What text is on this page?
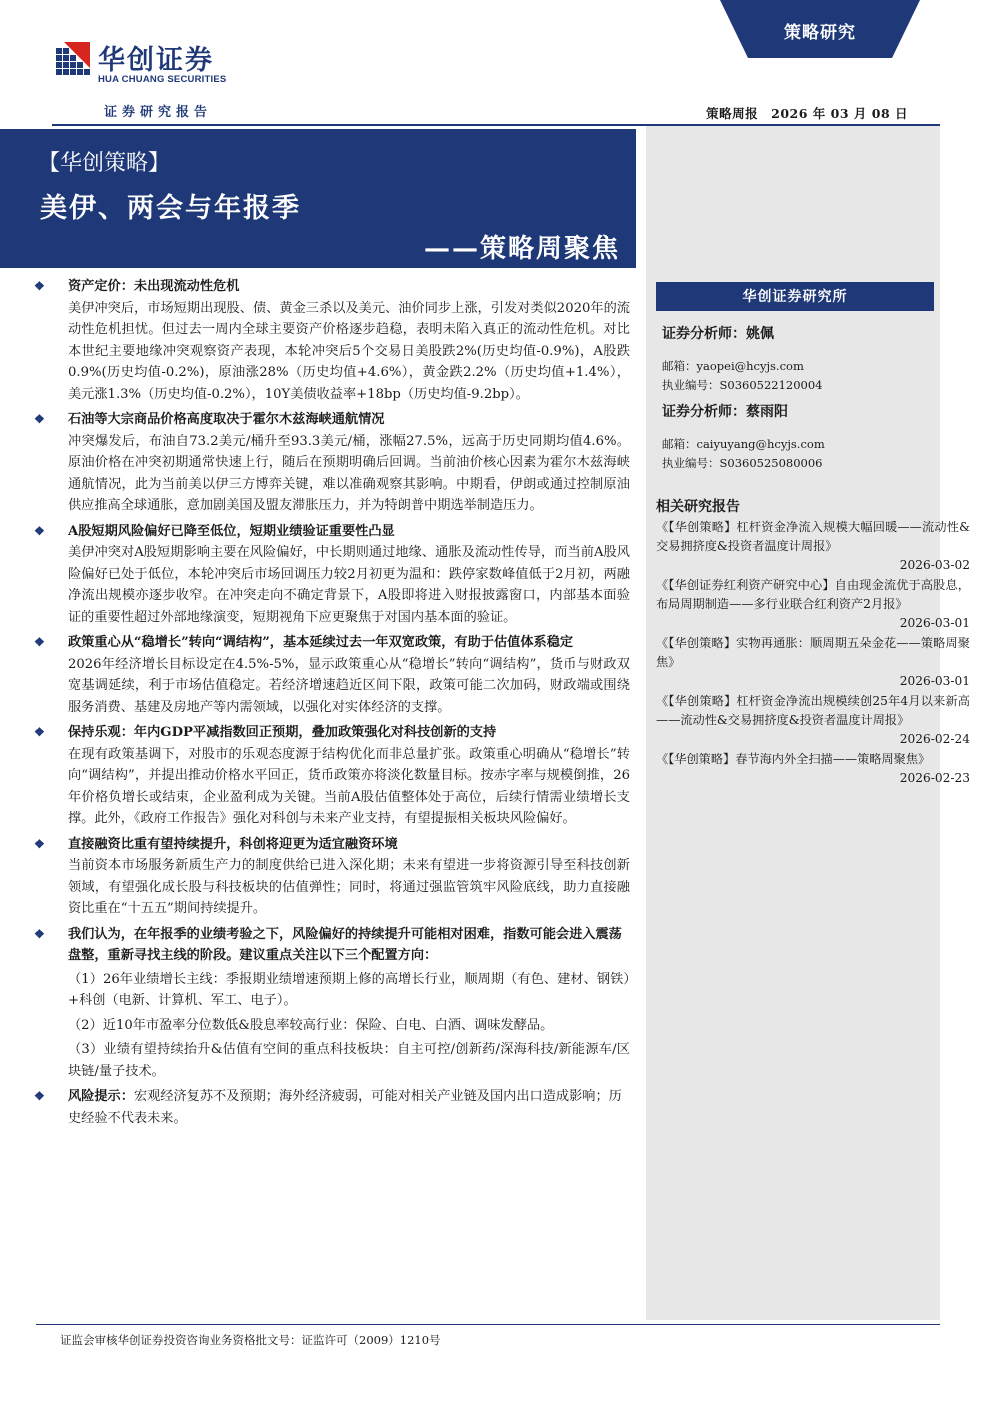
华创证券
HUA CHUANG SECURITIES
证券研究报告
策略研究
策略周报　2026 年 03 月 08 日
【华创策略】
美伊、两会与年报季
——策略周聚焦
❖	资产定价：未出现流动性危机
美伊冲突后，市场短期出现股、债、黄金三杀以及美元、油价同步上涨，引发对类似2020年的流动性危机担忧。但过去一周内全球主要资产价格逐步趋稳，表明未陷入真正的流动性危机。对比本世纪主要地缘冲突观察资产表现，本轮冲突后5个交易日美股跌2%(历史均值-0.9%)，A股跌0.9%(历史均值-0.2%)，原油涨28%（历史均值+4.6%），黄金跌2.2%（历史均值+1.4%），美元涨1.3%（历史均值-0.2%），10Y美债收益率+18bp（历史均值-9.2bp）。
❖	石油等大宗商品价格高度取决于霍尔木兹海峡通航情况
冲突爆发后，布油自73.2美元/桶升至93.3美元/桶，涨幅27.5%，远高于历史同期均值4.6%。原油价格在冲突初期通常快速上行，随后在预期明确后回调。当前油价核心因素为霍尔木兹海峡通航情况，此为当前美以伊三方博弈关键，难以准确观察其影响。中期看，伊朗或通过控制原油供应推高全球通胀，意加剧美国及盟友滞胀压力，并为特朗普中期选举制造压力。
❖	A股短期风险偏好已降至低位，短期业绩验证重要性凸显
美伊冲突对A股短期影响主要在风险偏好，中长期则通过地缘、通胀及流动性传导，而当前A股风险偏好已处于低位，本轮冲突后市场回调压力较2月初更为温和：跌停家数峰值低于2月初，两融净流出规模亦逐步收窄。在冲突走向不确定背景下，A股即将进入财报披露窗口，内部基本面验证的重要性超过外部地缘演变，短期视角下应更聚焦于对国内基本面的验证。
❖	政策重心从“稳增长”转向“调结构”，基本延续过去一年双宽政策，有助于估值体系稳定
2026年经济增长目标设定在4.5%-5%，显示政策重心从“稳增长”转向“调结构”，货币与财政双宽基调延续，利于市场估值稳定。若经济增速趋近区间下限，政策可能二次加码，财政端或围绕服务消费、基建及房地产等内需领域，以强化对实体经济的支撑。
❖	保持乐观：年内GDP平减指数回正预期，叠加政策强化对科技创新的支持
在现有政策基调下，对股市的乐观态度源于结构优化而非总量扩张。政策重心明确从“稳增长”转向“调结构”，并提出推动价格水平回正，货币政策亦将淡化数量目标。按赤字率与规模倒推，26年价格负增长或结束，企业盈利成为关键。当前A股估值整体处于高位，后续行情需业绩增长支撑。此外，《政府工作报告》强化对科创与未来产业支持，有望提振相关板块风险偏好。
❖	直接融资比重有望持续提升，科创将迎更为适宜融资环境
当前资本市场服务新质生产力的制度供给已进入深化期；未来有望进一步将资源引导至科技创新领域，有望强化成长股与科技板块的估值弹性；同时，将通过强监管筑牢风险底线，助力直接融资比重在“十五五”期间持续提升。
❖	我们认为，在年报季的业绩考验之下，风险偏好的持续提升可能相对困难，指数可能会进入震荡盘整，重新寻找主线的阶段。建议重点关注以下三个配置方向：
（1）26年业绩增长主线：季报期业绩增速预期上修的高增长行业，顺周期（有色、建材、钢铁）+科创（电新、计算机、军工、电子）。
（2）近10年市盈率分位数低&股息率较高行业：保险、白电、白酒、调味发酵品。
（3）业绩有望持续抬升&估值有空间的重点科技板块：自主可控/创新药/深海科技/新能源车/区块链/量子技术。
❖	风险提示：宏观经济复苏不及预期；海外经济疲弱，可能对相关产业链及国内出口造成影响；历史经验不代表未来。
华创证券研究所
证券分析师：姚佩
邮箱：yaopei@hcyjs.com
执业编号：S0360522120004
证券分析师：蔡雨阳
邮箱：caiyuyang@hcyjs.com
执业编号：S0360525080006
相关研究报告
《【华创策略】杠杆资金净流入规模大幅回暖——流动性&交易拥挤度&投资者温度计周报》
2026-03-02
《【华创证券红利资产研究中心】自由现金流优于高股息，布局周期制造——多行业联合红利资产2月报》
2026-03-01
《【华创策略】实物再通胀：顺周期五朵金花——策略周聚焦》
2026-03-01
《【华创策略】杠杆资金净流出规模续创25年4月以来新高——流动性&交易拥挤度&投资者温度计周报》
2026-02-24
《【华创策略】春节海内外全扫描——策略周聚焦》
2026-02-23
证监会审核华创证券投资咨询业务资格批文号：证监许可（2009）1210号
